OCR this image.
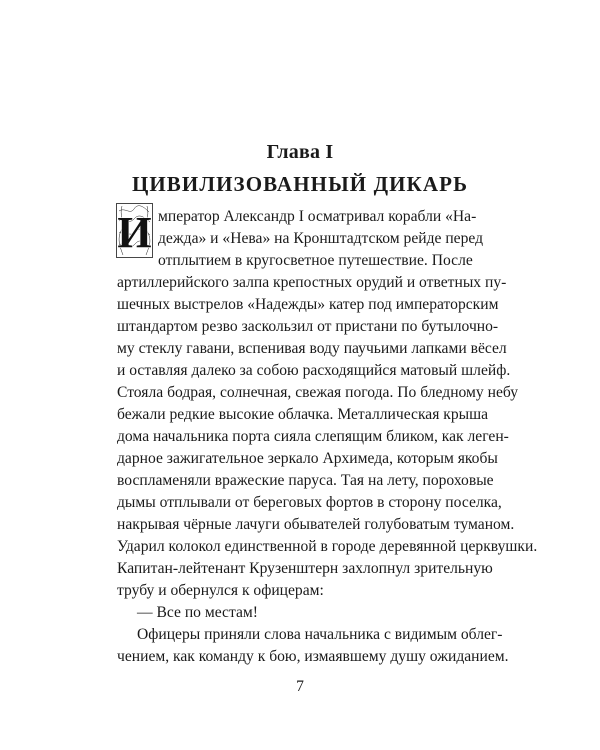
Глава I
ЦИВИЛИЗОВАННЫЙ ДИКАРЬ
И мператор Александр I осматривал корабли «На-
дежда» и «Нева» на Кронштадтском рейде перед
отплытием в кругосветное путешествие. После
артиллерийского залпа крепостных орудий и ответных пу-
шечных выстрелов «Надежды» катер под императорским
штандартом резво заскользил от пристани по бутылочно-
му стеклу гавани, вспенивая воду паучьими лапками вёсел
и оставляя далеко за собою расходящийся матовый шлейф.
Стояла бодрая, солнечная, свежая погода. По бледному небу
бежали редкие высокие облачка. Металлическая крыша
дома начальника порта сияла слепящим бликом, как леген-
дарное зажигательное зеркало Архимеда, которым якобы
воспламеняли вражеские паруса. Тая на лету, пороховые
дымы отплывали от береговых фортов в сторону поселка,
накрывая чёрные лачуги обывателей голубоватым туманом.
Ударил колокол единственной в городе деревянной церквушки.
Капитан-лейтенант Крузенштерн захлопнул зрительную
трубу и обернулся к офицерам:
— Все по местам!
Офицеры приняли слова начальника с видимым облег-
чением, как команду к бою, измаявшему душу ожиданием.
7
